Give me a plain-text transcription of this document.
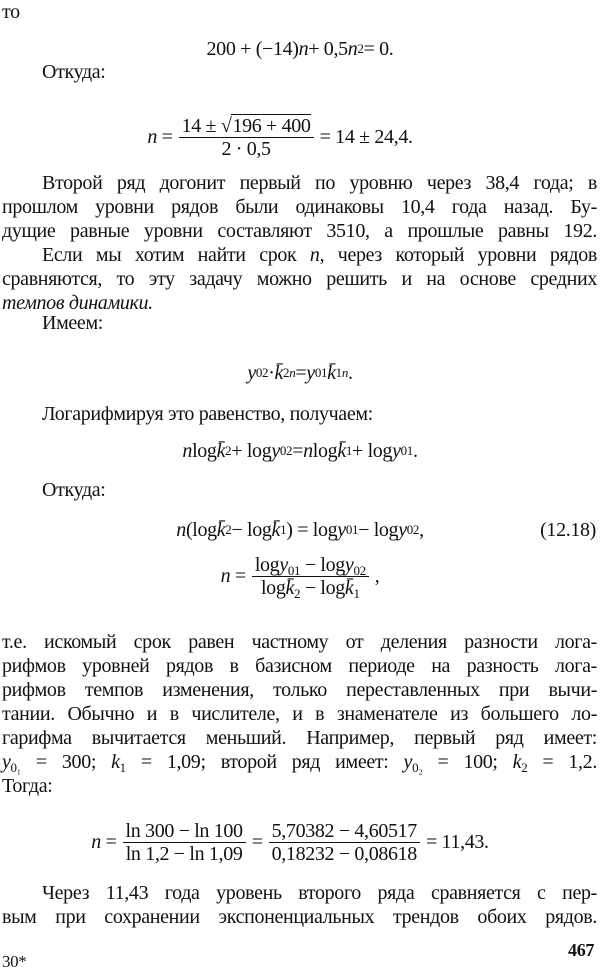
то
200 + (−14) n + 0,5 n 2 = 0.
Откуда:
n
= $\frac{14 \pm √196 + 400}{2 \cdot 0,5} = 14 \pm 24,4$.
Второй ряд догонит первый по уровню через 38,4 года; в
прошлом уровни рядов были одинаковы 10,4 года назад. Бу-
дущие равные уровни составляют 3510, а прошлые равны 192.
Если мы хотим найти срок n, через который уровни рядов
сравняются, то эту задачу можно решить и на основе средних
темпов динамики.
Имеем:
y 02 · k̄ 2 n = y 01 k̄ 1 n .
Логарифмируя это равенство, получаем:
n log k̄ 2 + log y 02 = n log k̄ 1 + log y 01 .
Откуда:
n (log k̄ 2 − log k̄ 1 ) = log y 01 − log y 02 ,	(12.18)
n
= $\frac{\log y_{01} - \log y_{02}}{\log k̄_2 - \log k̄_1}$ ,
т.е. искомый срок равен частному от деления разности лога-
рифмов уровней рядов в базисном периоде на разность лога-
рифмов темпов изменения, только переставленных при вычи-
тании. Обычно и в числителе, и в знаменателе из большего ло-
гарифма вычитается меньший. Например, первый ряд имеет:
$y_{0_1} = 300$; $k_1 = 1,09$; второй ряд имеет: $y_{0_2} = 100$; $k_2 = 1,2$.
Тогда:
n
= $\frac{\ln 300 - \ln 100}{\ln 1,2 - \ln 1,09} = \frac{5,70382 - 4,60517}{0,18232 - 0,08618} = 11,43$.
Через 11,43 года уровень второго ряда сравняется с пер-
вым при сохранении экспоненциальных трендов обоих рядов.
30*
467
